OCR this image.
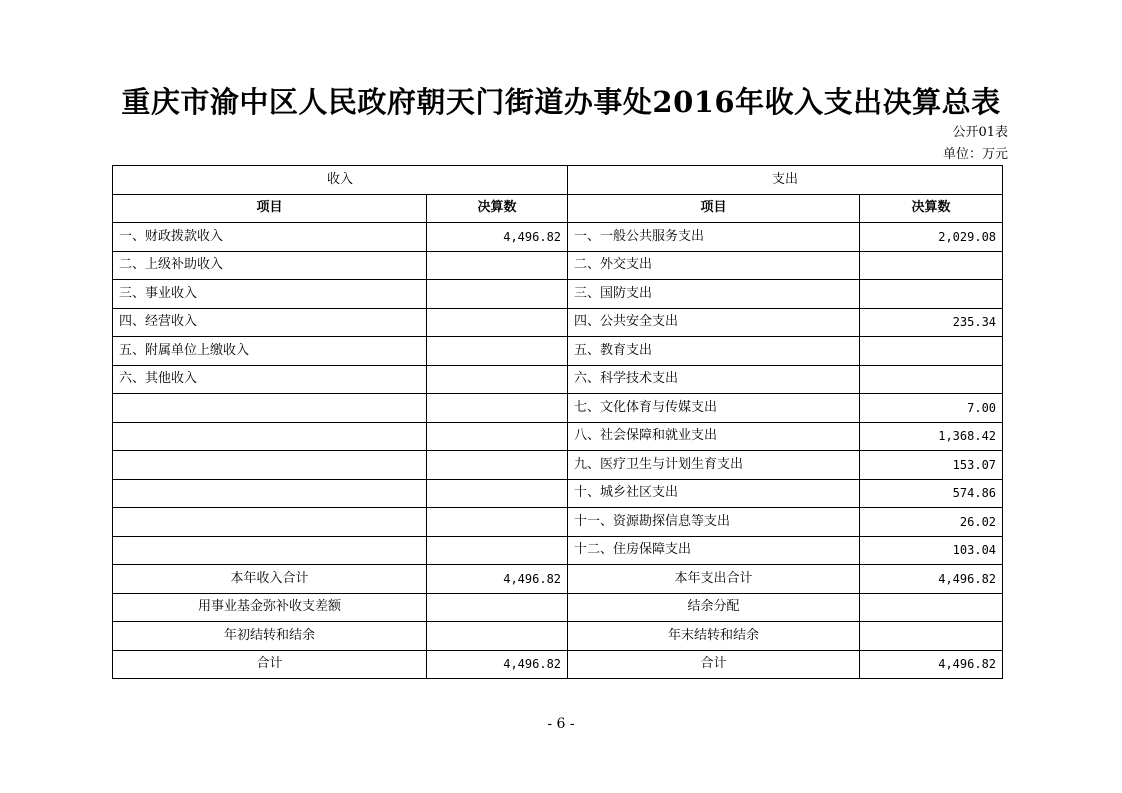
重庆市渝中区人民政府朝天门街道办事处2016年收入支出决算总表
公开01表
单位：万元
收入		支出	
项目	决算数	项目	决算数
一、财政拨款收入	4,496.82	一、一般公共服务支出	2,029.08
二、上级补助收入		二、外交支出	
三、事业收入		三、国防支出	
四、经营收入		四、公共安全支出	235.34
五、附属单位上缴收入		五、教育支出	
六、其他收入		六、科学技术支出	
		七、文化体育与传媒支出	7.00
		八、社会保障和就业支出	1,368.42
		九、医疗卫生与计划生育支出	153.07
		十、城乡社区支出	574.86
		十一、资源勘探信息等支出	26.02
		十二、住房保障支出	103.04
本年收入合计	4,496.82	本年支出合计	4,496.82
用事业基金弥补收支差额		结余分配	
年初结转和结余		年末结转和结余	
合计	4,496.82	合计	4,496.82
- 6 -
